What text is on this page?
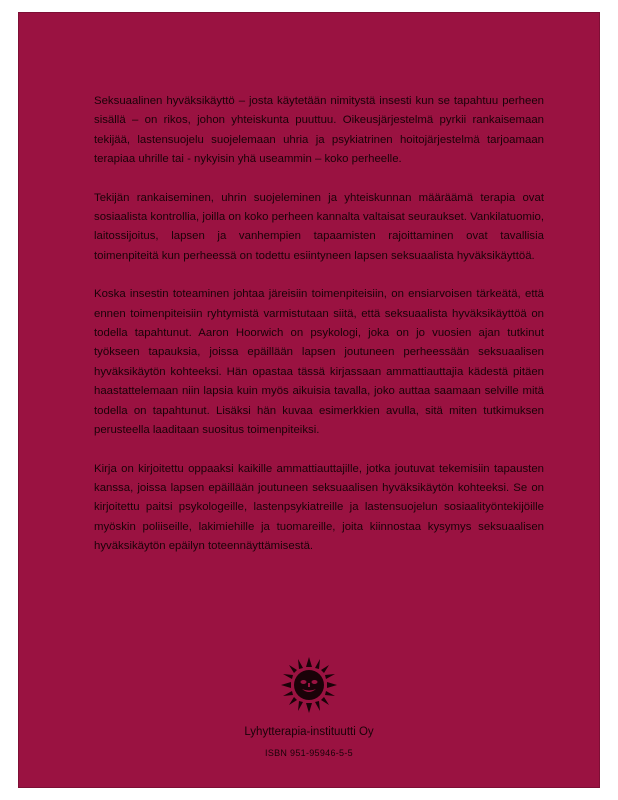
Seksuaalinen hyväksikäyttö – josta käytetään nimitystä insesti kun se tapahtuu perheen sisällä – on rikos, johon yhteiskunta puuttuu. Oikeusjärjestelmä pyrkii rankaisemaan tekijää, lastensuojelu suojelemaan uhria ja psykiatrinen hoitojärjestelmä tarjoamaan terapiaa uhrille tai - nykyisin yhä useammin – koko perheelle.

Tekijän rankaiseminen, uhrin suojeleminen ja yhteiskunnan määräämä terapia ovat sosiaalista kontrollia, joilla on koko perheen kannalta valtaisat seuraukset. Vankilatuomio, laitossijoitus, lapsen ja vanhempien tapaamisten rajoittaminen ovat tavallisia toimenpiteitä kun perheessä on todettu esiintyneen lapsen seksuaalista hyväksikäyttöä.

Koska insestin toteaminen johtaa järeisiin toimenpiteisiin, on ensiarvoisen tärkeätä, että ennen toimenpiteisiin ryhtymistä varmistutaan siitä, että seksuaalista hyväksikäyttöä on todella tapahtunut. Aaron Hoorwich on psykologi, joka on jo vuosien ajan tutkinut työkseen tapauksia, joissa epäillään lapsen joutuneen perheessään seksuaalisen hyväksikäytön kohteeksi. Hän opastaa tässä kirjassaan ammattiauttajia kädestä pitäen haastattelemaan niin lapsia kuin myös aikuisia tavalla, joko auttaa saamaan selville mitä todella on tapahtunut. Lisäksi hän kuvaa esimerkkien avulla, sitä miten tutkimuksen perusteella laaditaan suositus toimenpiteiksi.

Kirja on kirjoitettu oppaaksi kaikille ammattiauttajille, jotka joutuvat tekemisiin tapausten kanssa, joissa lapsen epäillään joutuneen seksuaalisen hyväksikäytön kohteeksi. Se on kirjoitettu paitsi psykologeille, lastenpsykiatreille ja lastensuojelun sosiaalityöntekijöille myöskin poliiseille, lakimiehille ja tuomareille, joita kiinnostaa kysymys seksuaalisen hyväksikäytön epäilyn toteennäyttämisestä.

Lyhytterapia-instituutti Oy
ISBN 951-95946-5-5
